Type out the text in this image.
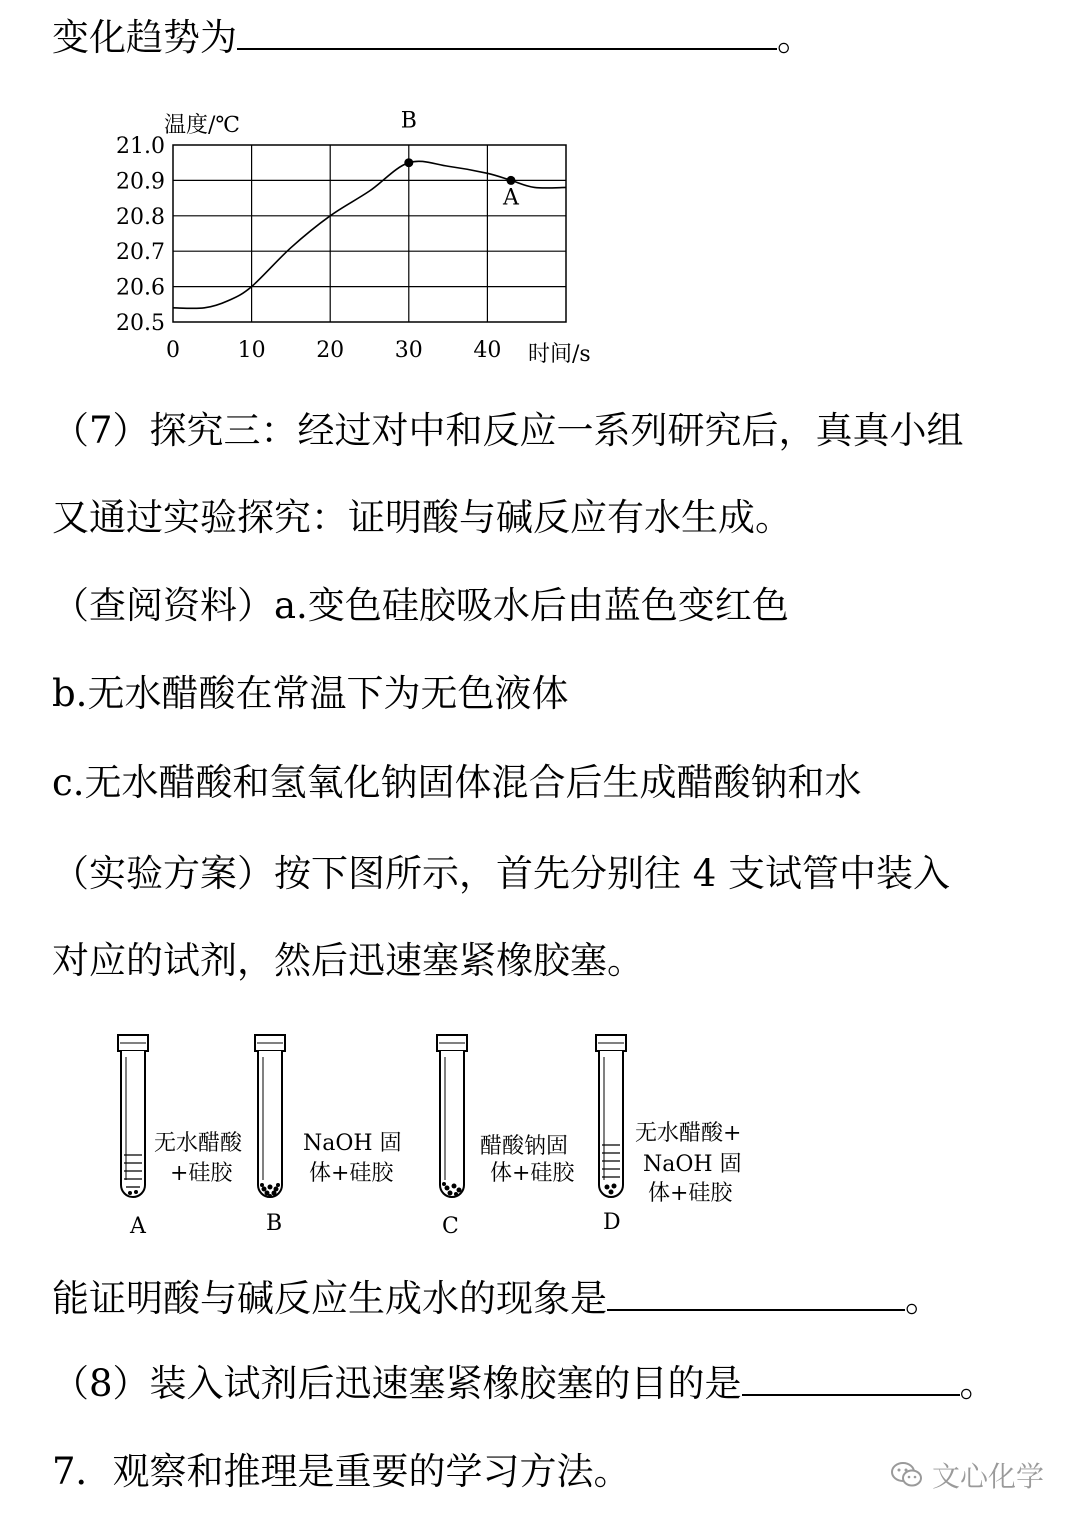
变化趋势为	。
20.5
20.6
20.7
20.8
20.9
21.0
0	10 20 30 40
温度/℃
时间/s
B
A
（7）探究三：经过对中和反应一系列研究后，真真小组
又通过实验探究：证明酸与碱反应有水生成。
（查阅资料）a.变色硅胶吸水后由蓝色变红色
b.无水醋酸在常温下为无色液体
c.无水醋酸和氢氧化钠固体混合后生成醋酸钠和水
（实验方案）按下图所示，首先分别往 4 支试管中装入
对应的试剂，然后迅速塞紧橡胶塞。
无水醋酸
+硅胶
A
NaOH 固
体+硅胶
B
醋酸钠固
体+硅胶
C
无水醋酸+
NaOH 固
体+硅胶
D
能证明酸与碱反应生成水的现象是	。
（8）装入试剂后迅速塞紧橡胶塞的目的是	。
7．观察和推理是重要的学习方法。	文心化学
